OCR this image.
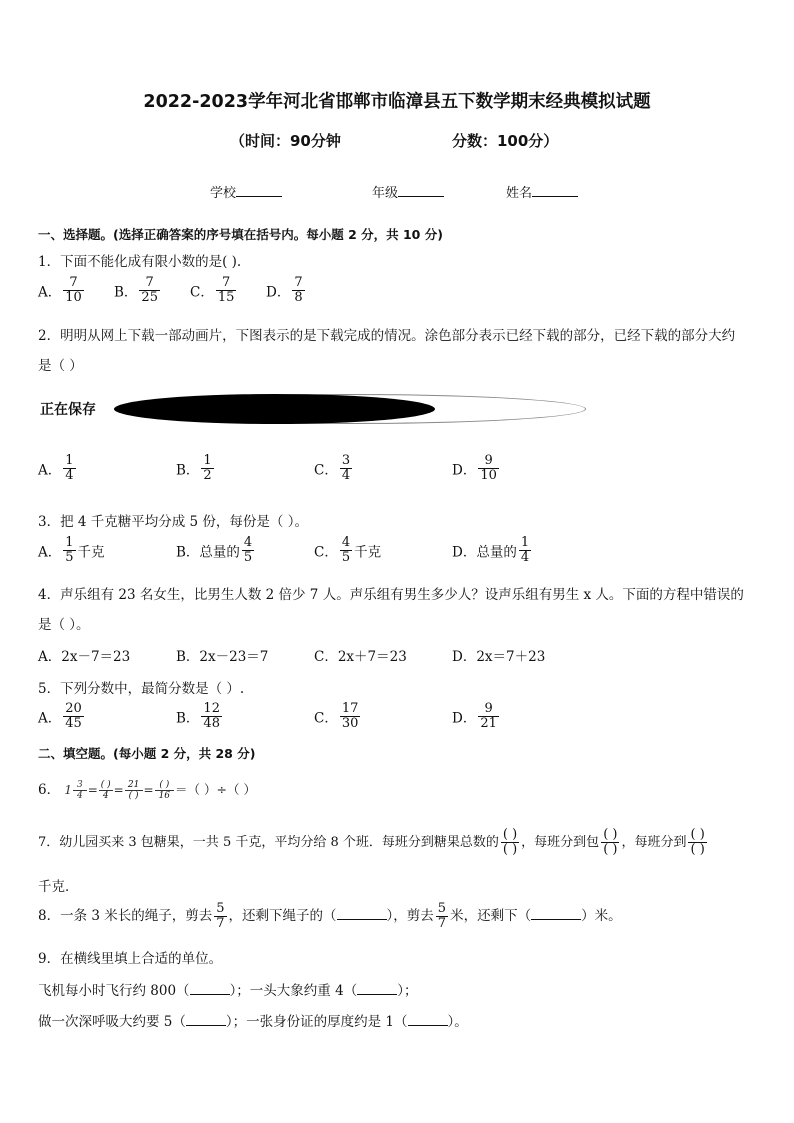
2022-2023学年河北省邯郸市临漳县五下数学期末经典模拟试题
（时间：90分钟	分数：100分）
学校	年级	姓名
一、选择题。(选择正确答案的序号填在括号内。每小题 2 分，共 10 分)
1．下面不能化成有限小数的是( ).
A． $\frac{7}{10}$ B． $\frac{7}{25}$ C． $\frac{7}{15}$ D． $\frac{7}{8}$
2．明明从网上下载一部动画片，下图表示的是下载完成的情况。涂色部分表示已经下载的部分，已经下载的部分大约
是（ ）
正在保存
A． $\frac{1}{4}$	B． $\frac{1}{2}$	C． $\frac{3}{4}$	D． $\frac{9}{10}$
3．把 4 千克糖平均分成 5 份，每份是（ ）。
A． $\frac{1}{5}$ 千克	B．总量的 $\frac{4}{5}$	C． $\frac{4}{5}$ 千克	D．总量的 $\frac{1}{4}$
4．声乐组有 23 名女生，比男生人数 2 倍少 7 人。声乐组有男生多少人？设声乐组有男生 x 人。下面的方程中错误的
是（ ）。
A．2x－7＝23	B．2x－23＝7	C．2x＋7＝23	D．2x＝7＋23
5．下列分数中，最简分数是（ ）.
A． $\frac{20}{45}$	B． $\frac{12}{48}$	C． $\frac{17}{30}$	D． $\frac{9}{21}$
二、填空题。(每小题 2 分，共 28 分)
6． $1 \frac{3}{4} = \frac{( )}{4} = \frac{21}{( )} = \frac{( )}{16}$ ＝（ ）÷（ ）
7．幼儿园买来 3 包糖果，一共 5 千克，平均分给 8 个班．每班分到糖果总数的 $\frac{( )}{( )}$ ，每班分到包 $\frac{( )}{( )}$ ，每班分到 $\frac{( )}{( )}$
千克．
8．一条 3 米长的绳子，剪去 $\frac{5}{7}$ ，还剩下绳子的（	），剪去 $\frac{5}{7}$ 米，还剩下（	）米。
9．在横线里填上合适的单位。
飞机每小时飞行约 800（	）；一头大象约重 4（	）；
做一次深呼吸大约要 5（	）；一张身份证的厚度约是 1（	）。
